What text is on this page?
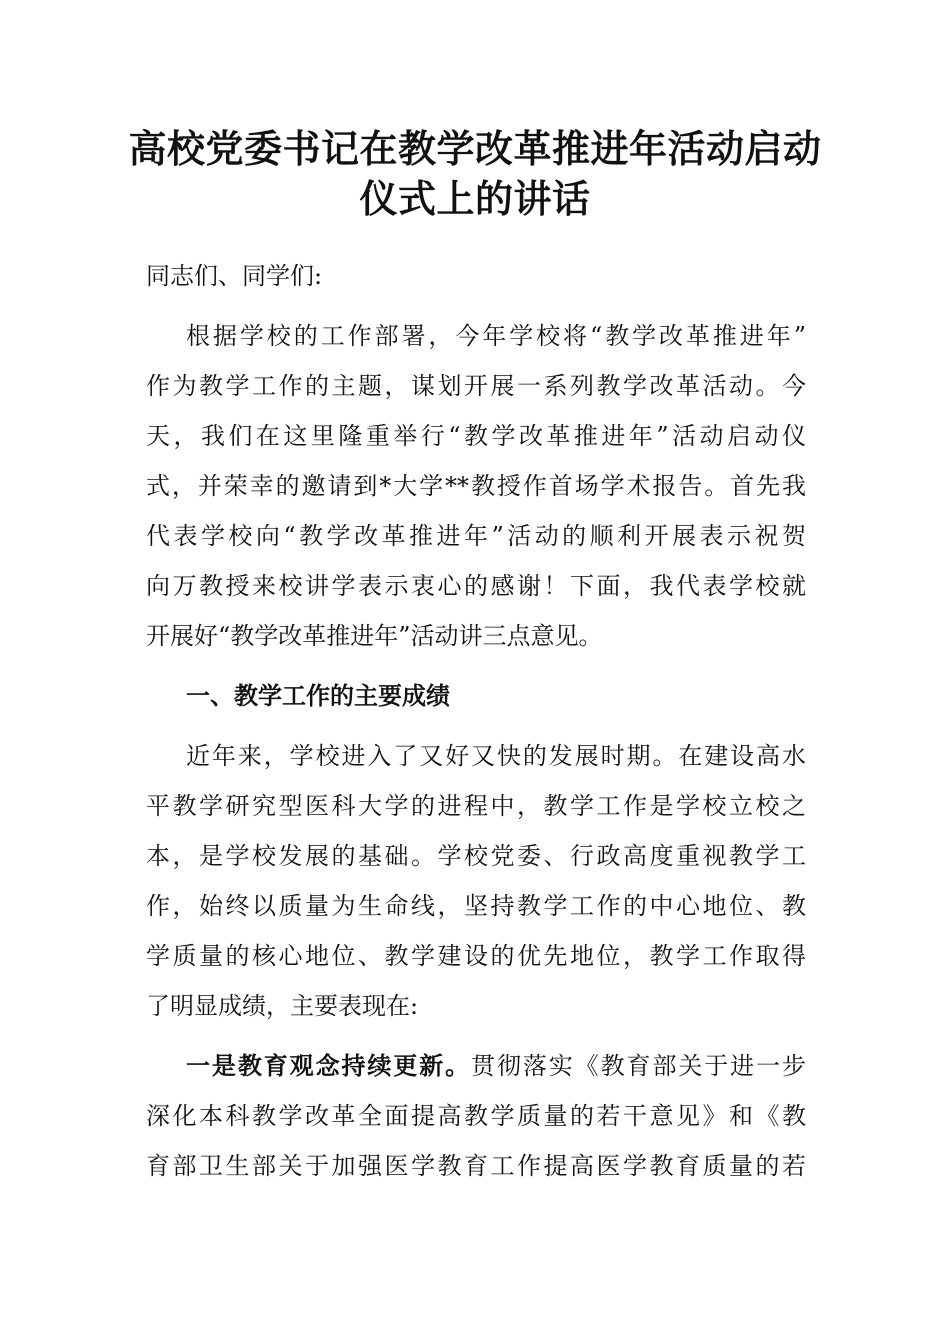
高校党委书记在教学改革推进年活动启动
仪式上的讲话
同志们、同学们:
根据学校的工作部署，今年学校将“教学改革推进年”
作为教学工作的主题，谋划开展一系列教学改革活动。今
天，我们在这里隆重举行“教学改革推进年”活动启动仪
式，并荣幸的邀请到*大学**教授作首场学术报告。首先我
代表学校向“教学改革推进年”活动的顺利开展表示祝贺
向万教授来校讲学表示衷心的感谢！下面，我代表学校就
开展好“教学改革推进年”活动讲三点意见。
一、教学工作的主要成绩
近年来，学校进入了又好又快的发展时期。在建设高水
平教学研究型医科大学的进程中，教学工作是学校立校之
本，是学校发展的基础。学校党委、行政高度重视教学工
作，始终以质量为生命线，坚持教学工作的中心地位、教
学质量的核心地位、教学建设的优先地位，教学工作取得
了明显成绩，主要表现在:
一是教育观念持续更新。贯彻落实《教育部关于进一步
深化本科教学改革全面提高教学质量的若干意见》和《教
育部卫生部关于加强医学教育工作提高医学教育质量的若
